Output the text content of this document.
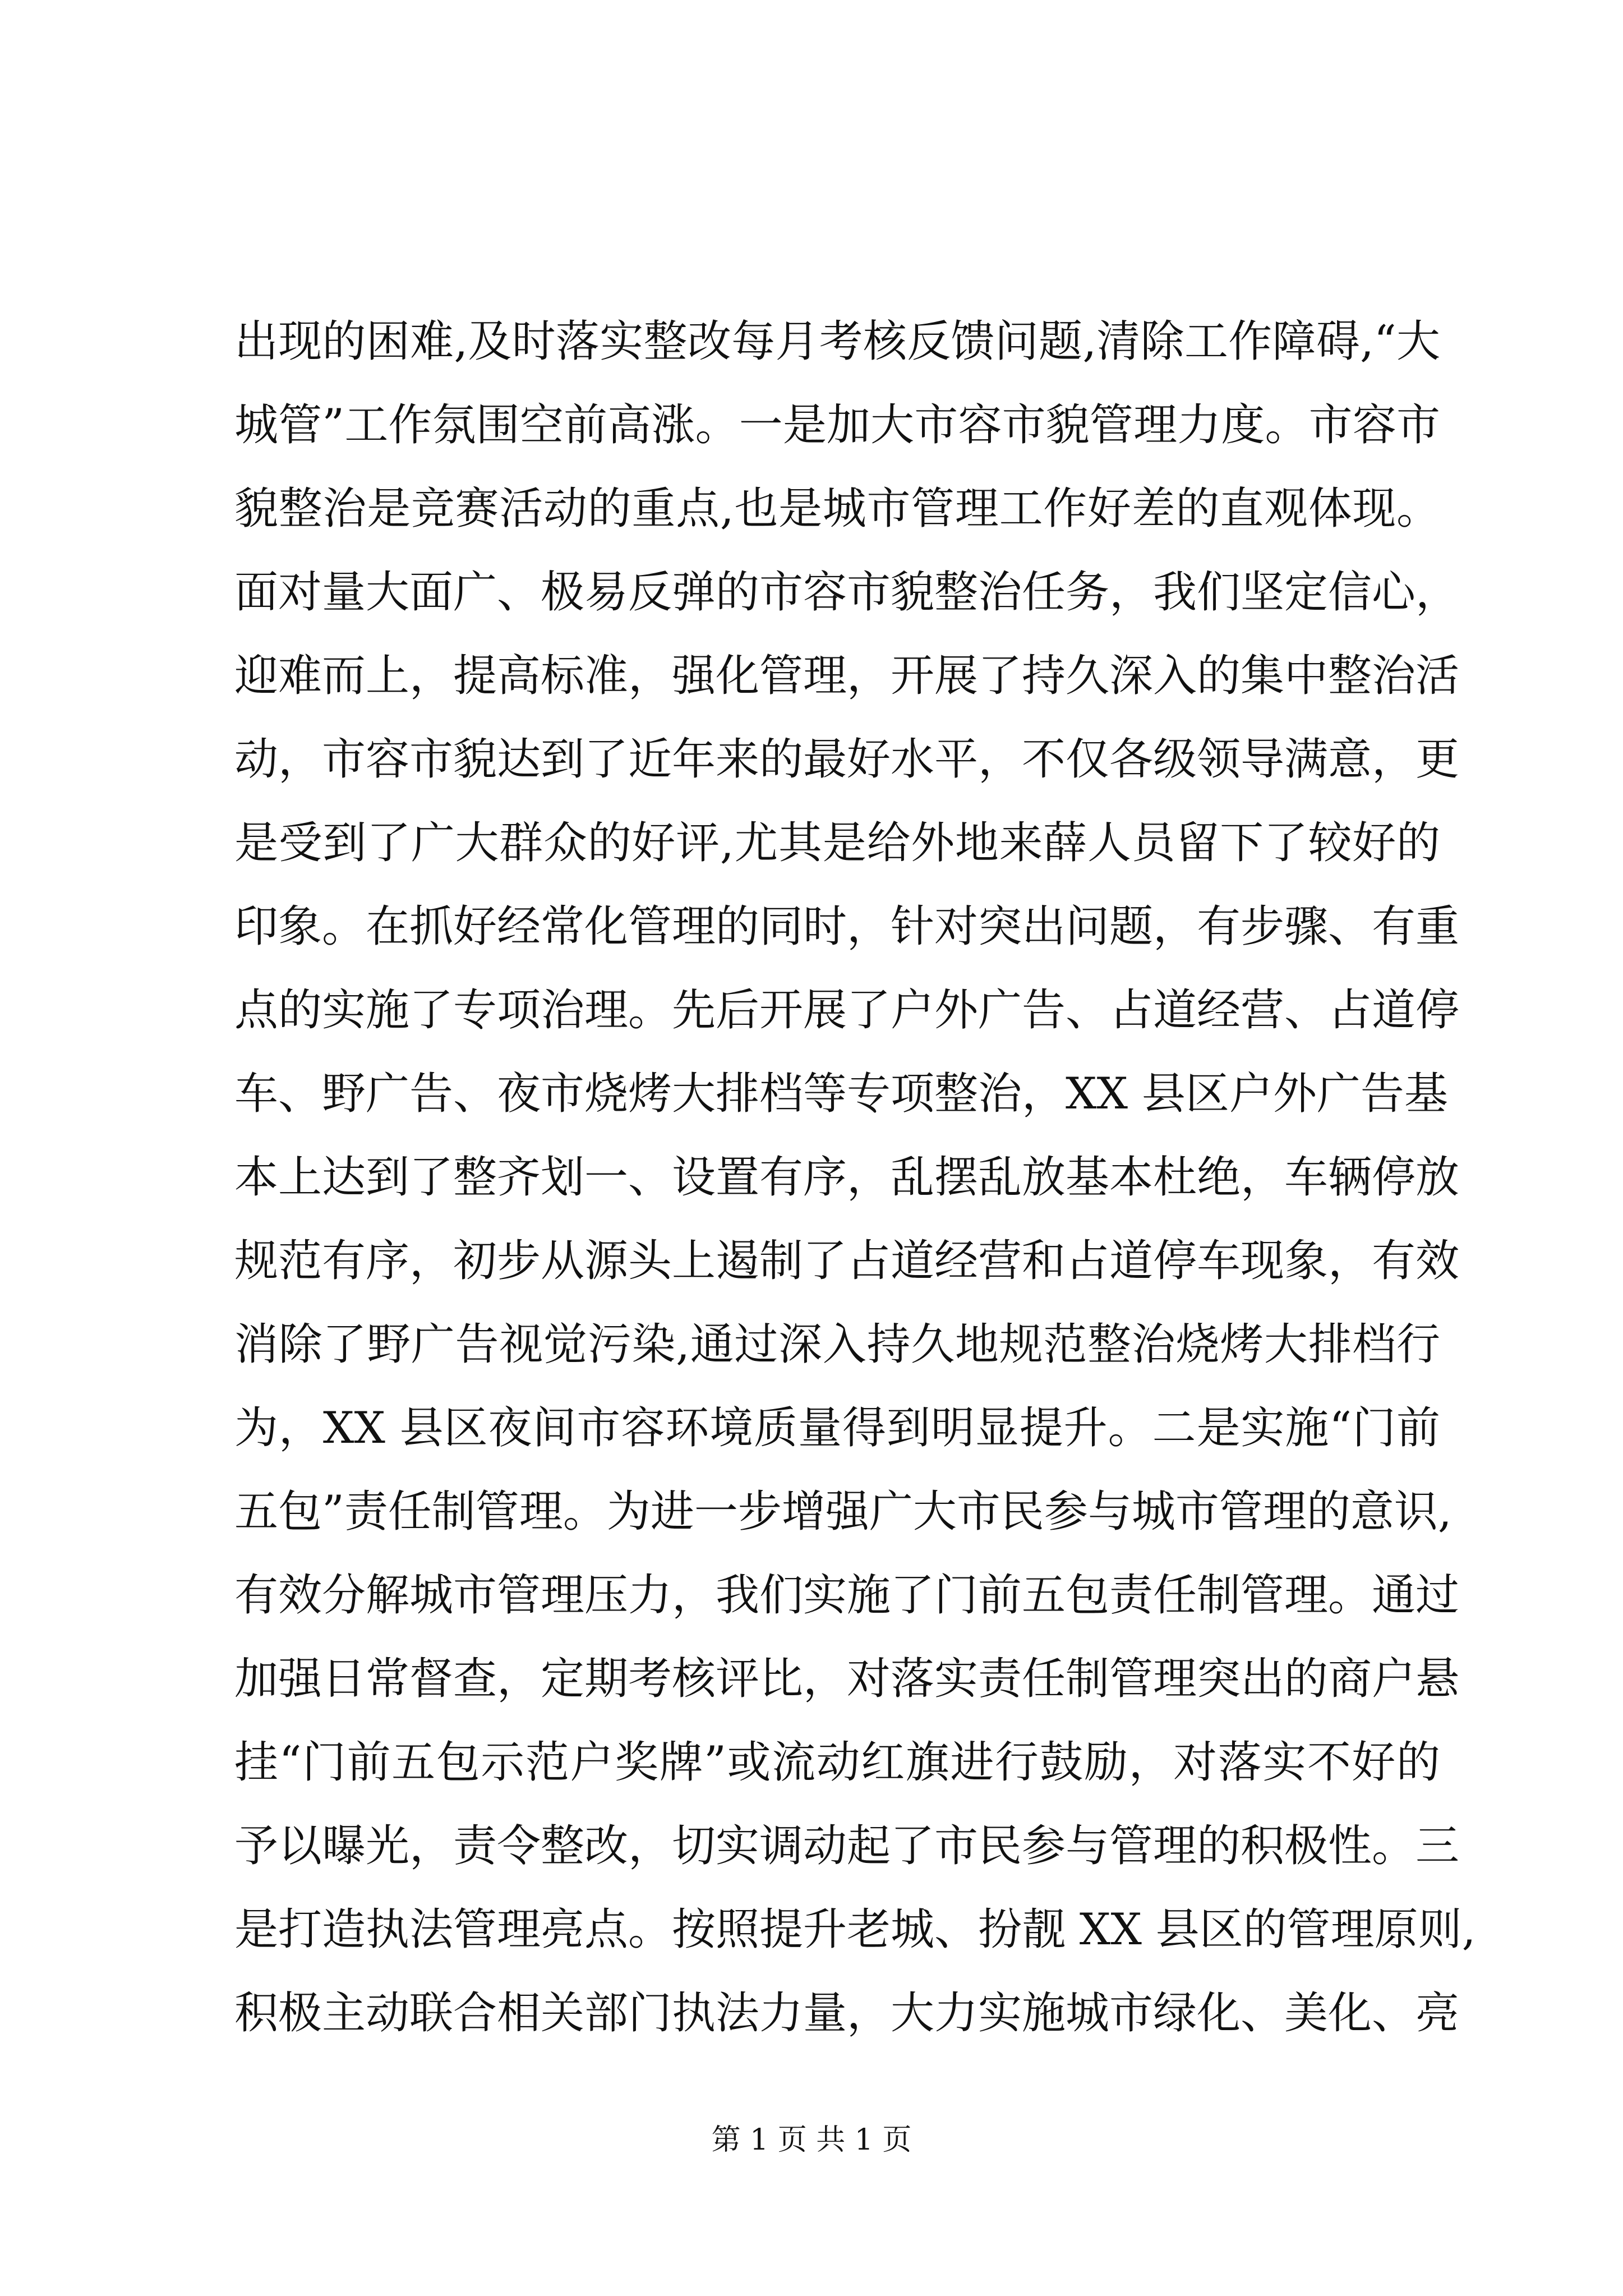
出现的困难,及时落实整改每月考核反馈问题,清除工作障碍,“大
城管”工作氛围空前高涨。一是加大市容市貌管理力度。市容市
貌整治是竞赛活动的重点,也是城市管理工作好差的直观体现。
面对量大面广、极易反弹的市容市貌整治任务，我们坚定信心，
迎难而上，提高标准，强化管理，开展了持久深入的集中整治活
动，市容市貌达到了近年来的最好水平，不仅各级领导满意，更
是受到了广大群众的好评,尤其是给外地来薛人员留下了较好的
印象。在抓好经常化管理的同时，针对突出问题，有步骤、有重
点的实施了专项治理。先后开展了户外广告、占道经营、占道停
车、野广告、夜市烧烤大排档等专项整治，XX 县区户外广告基
本上达到了整齐划一、设置有序，乱摆乱放基本杜绝，车辆停放
规范有序，初步从源头上遏制了占道经营和占道停车现象，有效
消除了野广告视觉污染,通过深入持久地规范整治烧烤大排档行
为，XX 县区夜间市容环境质量得到明显提升。二是实施“门前
五包”责任制管理。为进一步增强广大市民参与城市管理的意识,
有效分解城市管理压力，我们实施了门前五包责任制管理。通过
加强日常督查，定期考核评比，对落实责任制管理突出的商户悬
挂“门前五包示范户奖牌”或流动红旗进行鼓励，对落实不好的
予以曝光，责令整改，切实调动起了市民参与管理的积极性。三
是打造执法管理亮点。按照提升老城、扮靓 XX 县区的管理原则,
积极主动联合相关部门执法力量，大力实施城市绿化、美化、亮
第 1 页 共 1 页
